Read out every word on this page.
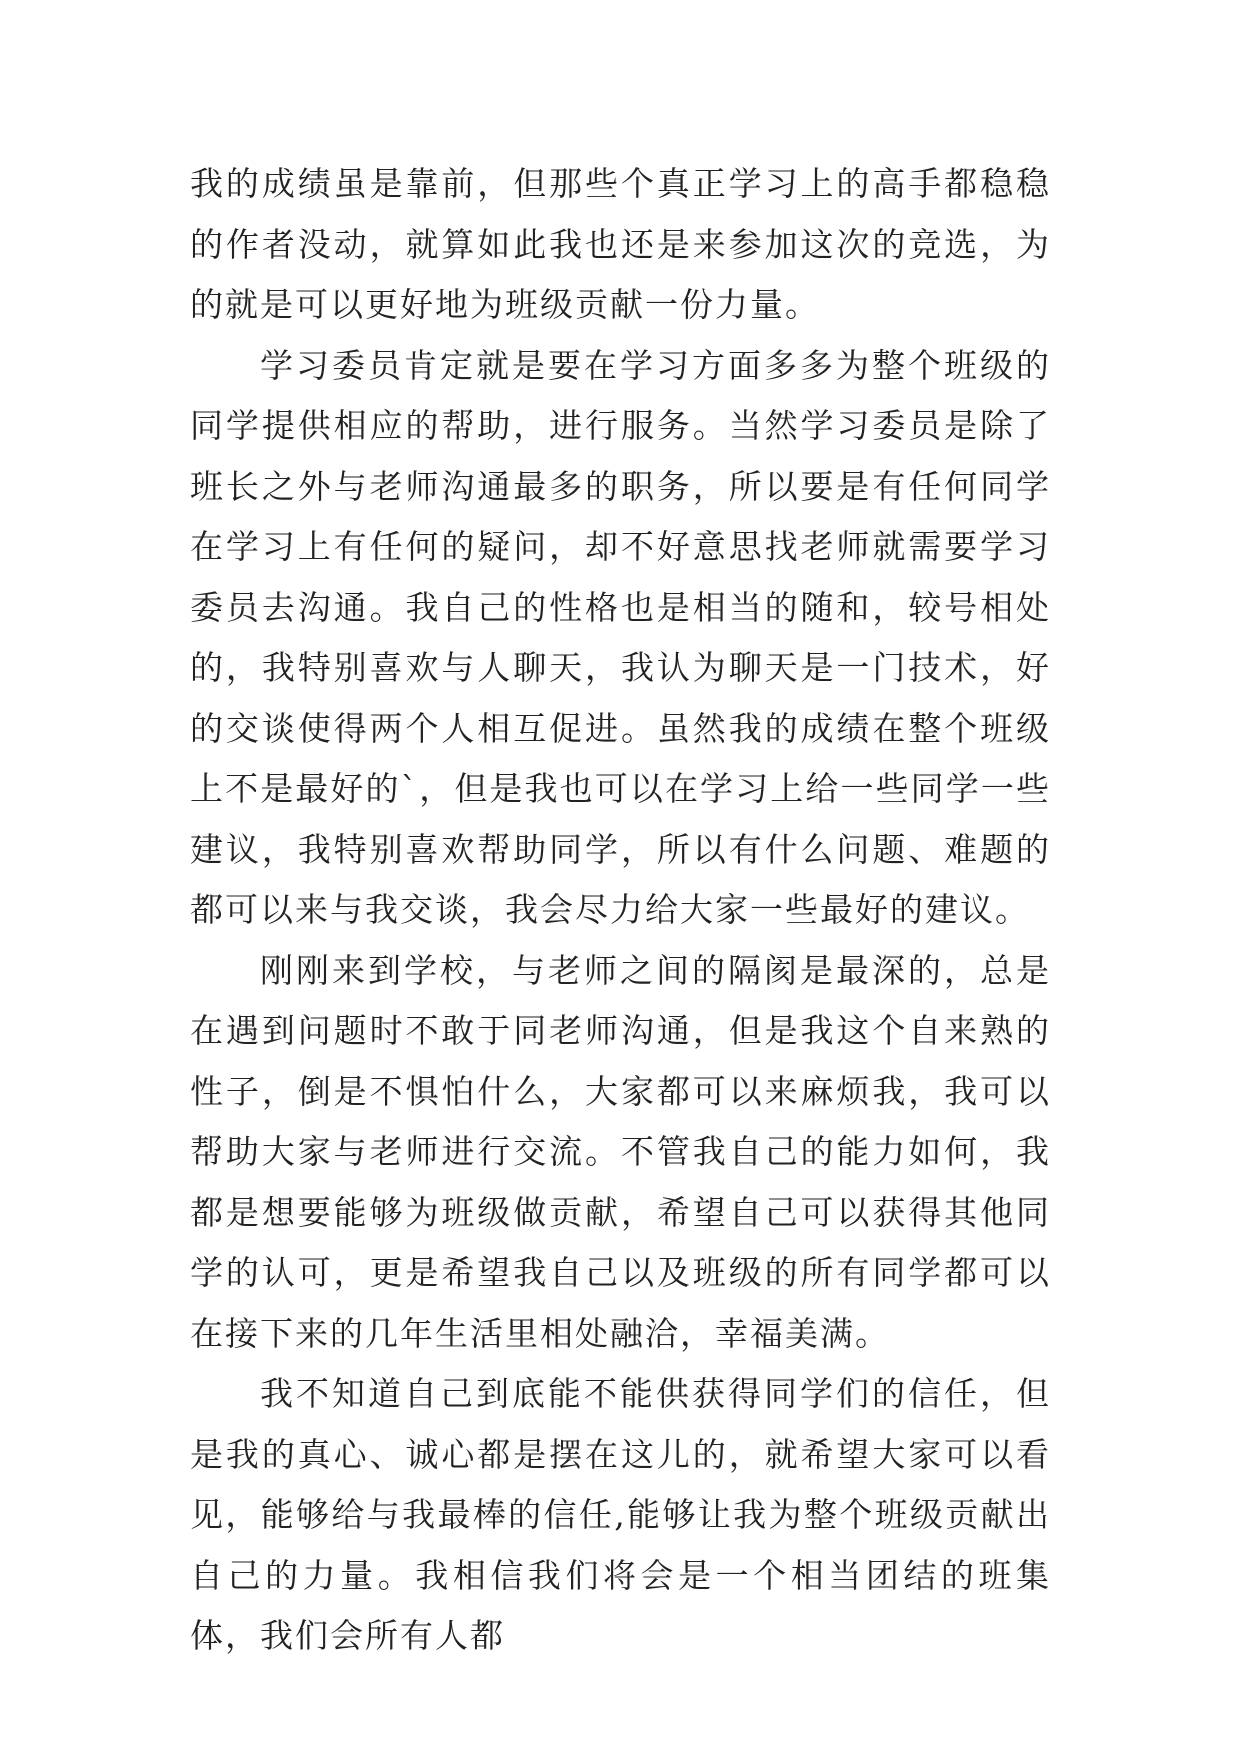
我的成绩虽是靠前，但那些个真正学习上的高手都稳稳的作者没动，就算如此我也还是来参加这次的竞选，为的就是可以更好地为班级贡献一份力量。

学习委员肯定就是要在学习方面多多为整个班级的同学提供相应的帮助，进行服务。当然学习委员是除了班长之外与老师沟通最多的职务，所以要是有任何同学在学习上有任何的疑问，却不好意思找老师就需要学习委员去沟通。我自己的性格也是相当的随和，较号相处的，我特别喜欢与人聊天，我认为聊天是一门技术，好的交谈使得两个人相互促进。虽然我的成绩在整个班级上不是最好的`，但是我也可以在学习上给一些同学一些建议，我特别喜欢帮助同学，所以有什么问题、难题的都可以来与我交谈，我会尽力给大家一些最好的建议。

刚刚来到学校，与老师之间的隔阂是最深的，总是在遇到问题时不敢于同老师沟通，但是我这个自来熟的性子，倒是不惧怕什么，大家都可以来麻烦我，我可以帮助大家与老师进行交流。不管我自己的能力如何，我都是想要能够为班级做贡献，希望自己可以获得其他同学的认可，更是希望我自己以及班级的所有同学都可以在接下来的几年生活里相处融洽，幸福美满。

我不知道自己到底能不能供获得同学们的信任，但是我的真心、诚心都是摆在这儿的，就希望大家可以看见，能够给与我最棒的信任,能够让我为整个班级贡献出自己的力量。我相信我们将会是一个相当团结的班集体，我们会所有人都
